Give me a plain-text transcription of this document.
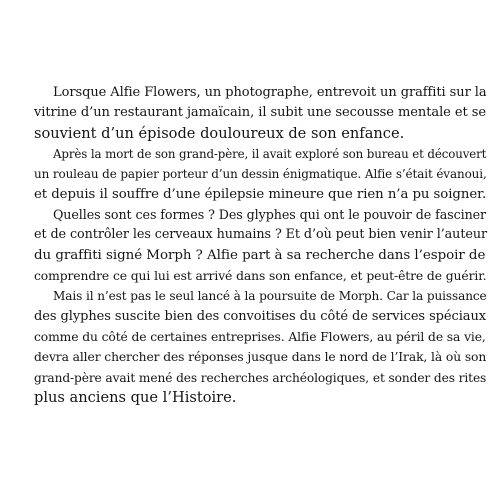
Lorsque Alfie Flowers, un photographe, entrevoit un graffiti sur la
vitrine d’un restaurant jamaïcain, il subit une secousse mentale et se
souvient d’un épisode douloureux de son enfance.
Après la mort de son grand-père, il avait exploré son bureau et découvert
un rouleau de papier porteur d’un dessin énigmatique. Alfie s’était évanoui,
et depuis il souffre d’une épilepsie mineure que rien n’a pu soigner.
Quelles sont ces formes ? Des glyphes qui ont le pouvoir de fasciner
et de contrôler les cerveaux humains ? Et d’où peut bien venir l’auteur
du graffiti signé Morph ? Alfie part à sa recherche dans l’espoir de
comprendre ce qui lui est arrivé dans son enfance, et peut-être de guérir.
Mais il n’est pas le seul lancé à la poursuite de Morph. Car la puissance
des glyphes suscite bien des convoitises du côté de services spéciaux
comme du côté de certaines entreprises. Alfie Flowers, au péril de sa vie,
devra aller chercher des réponses jusque dans le nord de l’Irak, là où son
grand-père avait mené des recherches archéologiques, et sonder des rites
plus anciens que l’Histoire.
